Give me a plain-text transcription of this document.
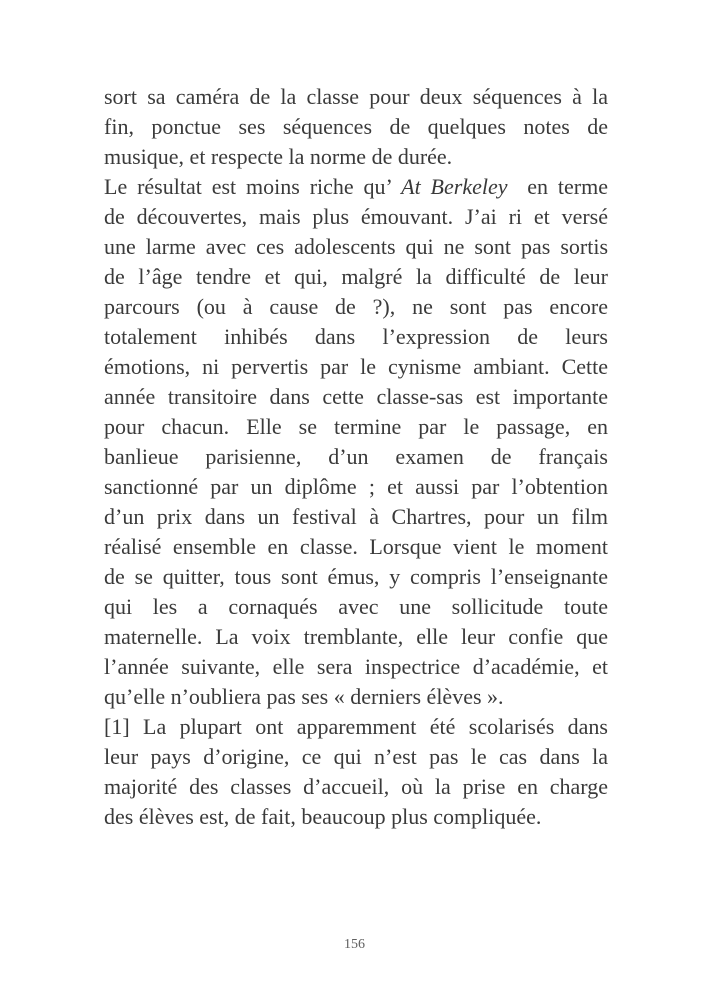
sort sa caméra de la classe pour deux séquences à la
fin, ponctue ses séquences de quelques notes de
musique, et respecte la norme de durée.
Le résultat est moins riche qu’ At Berkeley  en terme
de découvertes, mais plus émouvant. J’ai ri et versé
une larme avec ces adolescents qui ne sont pas sortis
de l’âge tendre et qui, malgré la difficulté de leur
parcours (ou à cause de ?), ne sont pas encore
totalement inhibés dans l’expression de leurs
émotions, ni pervertis par le cynisme ambiant. Cette
année transitoire dans cette classe-sas est importante
pour chacun. Elle se termine par le passage, en
banlieue parisienne, d’un examen de français
sanctionné par un diplôme ; et aussi par l’obtention
d’un prix dans un festival à Chartres, pour un film
réalisé ensemble en classe. Lorsque vient le moment
de se quitter, tous sont émus, y compris l’enseignante
qui les a cornaqués avec une sollicitude toute
maternelle. La voix tremblante, elle leur confie que
l’année suivante, elle sera inspectrice d’académie, et
qu’elle n’oubliera pas ses « derniers élèves ».
[1] La plupart ont apparemment été scolarisés dans
leur pays d’origine, ce qui n’est pas le cas dans la
majorité des classes d’accueil, où la prise en charge
des élèves est, de fait, beaucoup plus compliquée.
156
